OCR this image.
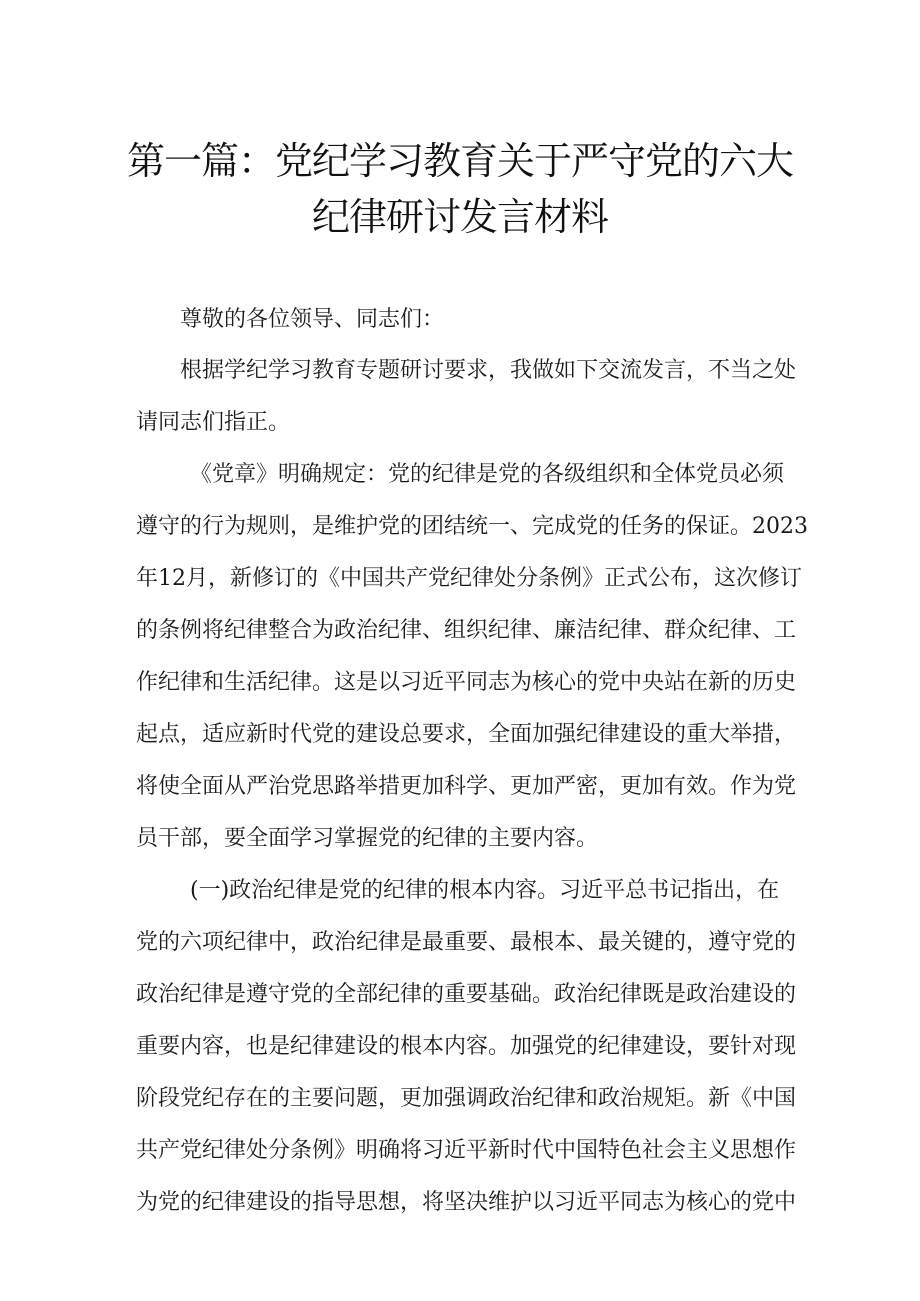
第一篇：党纪学习教育关于严守党的六大
纪律研讨发言材料
尊敬的各位领导、同志们：
根据学纪学习教育专题研讨要求，我做如下交流发言，不当之处
请同志们指正。
《党章》明确规定：党的纪律是党的各级组织和全体党员必须
遵守的行为规则，是维护党的团结统一、完成党的任务的保证。2023
年12月，新修订的《中国共产党纪律处分条例》正式公布，这次修订
的条例将纪律整合为政治纪律、组织纪律、廉洁纪律、群众纪律、工
作纪律和生活纪律。这是以习近平同志为核心的党中央站在新的历史
起点，适应新时代党的建设总要求，全面加强纪律建设的重大举措，
将使全面从严治党思路举措更加科学、更加严密，更加有效。作为党
员干部，要全面学习掌握党的纪律的主要内容。
(一)政治纪律是党的纪律的根本内容。习近平总书记指出，在
党的六项纪律中，政治纪律是最重要、最根本、最关键的，遵守党的
政治纪律是遵守党的全部纪律的重要基础。政治纪律既是政治建设的
重要内容，也是纪律建设的根本内容。加强党的纪律建设，要针对现
阶段党纪存在的主要问题，更加强调政治纪律和政治规矩。新《中国
共产党纪律处分条例》明确将习近平新时代中国特色社会主义思想作
为党的纪律建设的指导思想，将坚决维护以习近平同志为核心的党中
